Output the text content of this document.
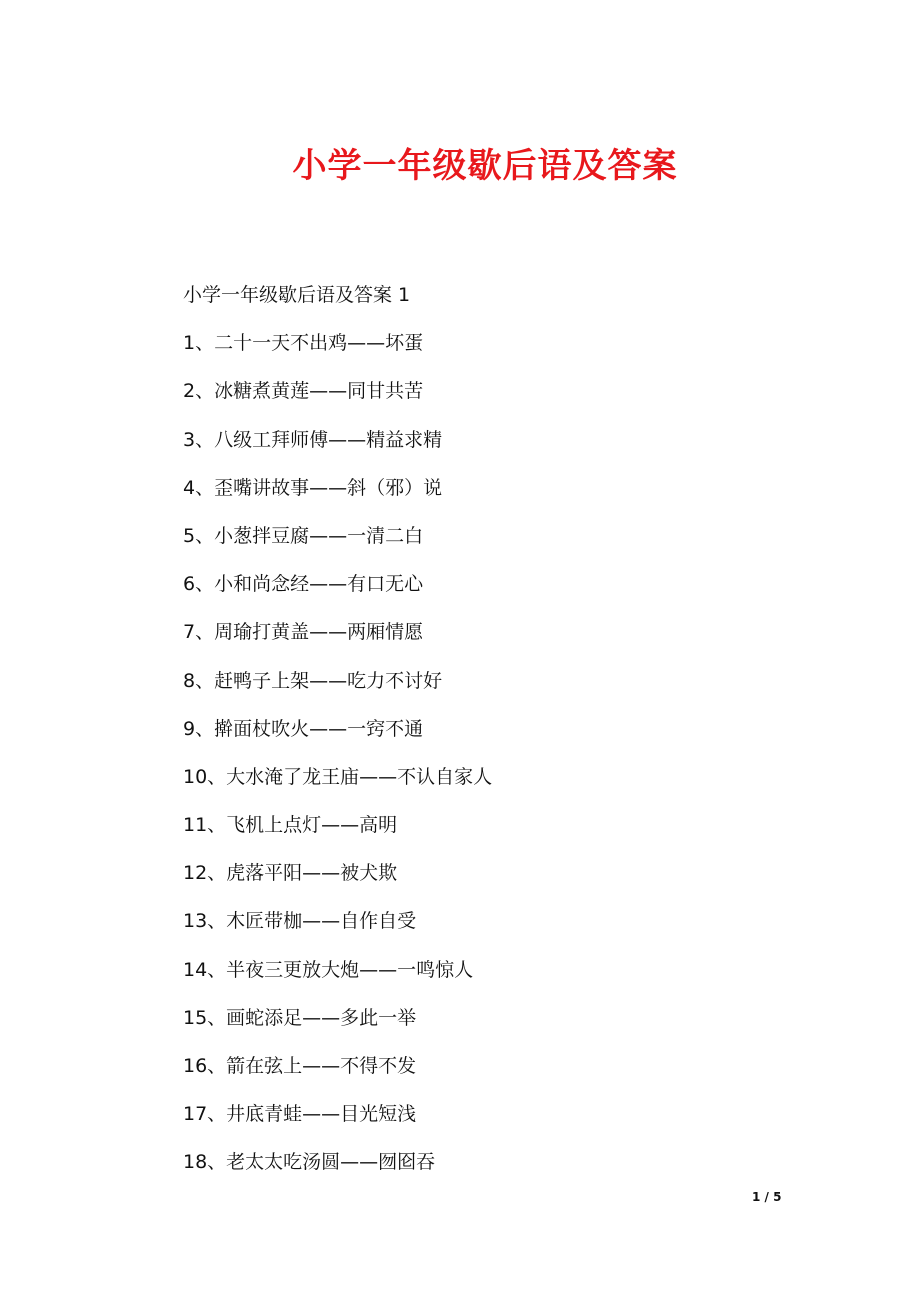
小学一年级歇后语及答案
小学一年级歇后语及答案 1
1、二十一天不出鸡——坏蛋
2、冰糖煮黄莲——同甘共苦
3、八级工拜师傅——精益求精
4、歪嘴讲故事——斜（邪）说
5、小葱拌豆腐——一清二白
6、小和尚念经——有口无心
7、周瑜打黄盖——两厢情愿
8、赶鸭子上架——吃力不讨好
9、擀面杖吹火——一窍不通
10、大水淹了龙王庙——不认自家人
11、飞机上点灯——高明
12、虎落平阳——被犬欺
13、木匠带枷——自作自受
14、半夜三更放大炮——一鸣惊人
15、画蛇添足——多此一举
16、箭在弦上——不得不发
17、井底青蛙——目光短浅
18、老太太吃汤圆——囫囵吞
1 / 5
